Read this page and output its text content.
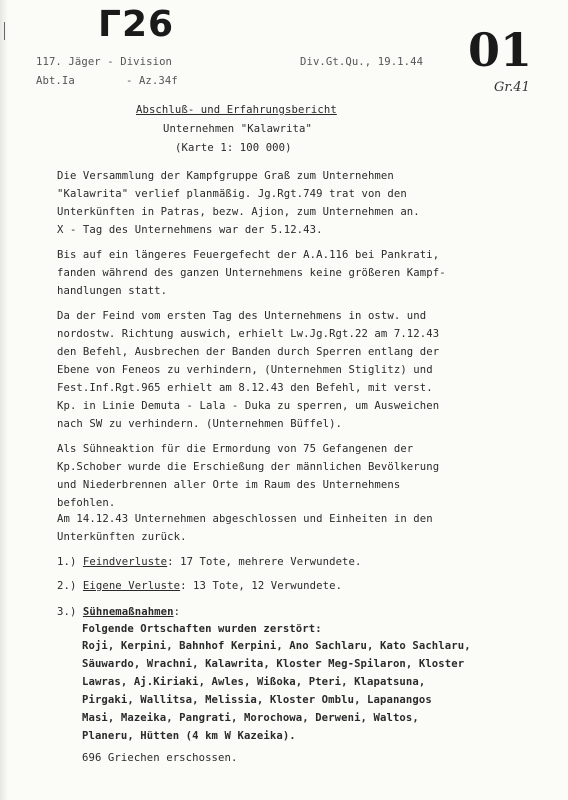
Г26	01
Gr.41
117. Jäger - Division
Abt.Ia	- Az.34f
Div.Gt.Qu., 19.1.44
Abschluß- und Erfahrungsbericht
Unternehmen "Kalawrita"
(Karte 1: 100 000)
Die Versammlung der Kampfgruppe Graß zum Unternehmen
"Kalawrita" verlief planmäßig. Jg.Rgt.749 trat von den
Unterkünften in Patras, bezw. Ajion, zum Unternehmen an.
X - Tag des Unternehmens war der 5.12.43.
Bis auf ein längeres Feuergefecht der A.A.116 bei Pankrati,
fanden während des ganzen Unternehmens keine größeren Kampf-
handlungen statt.
Da der Feind vom ersten Tag des Unternehmens in ostw. und
nordostw. Richtung auswich, erhielt Lw.Jg.Rgt.22 am 7.12.43
den Befehl, Ausbrechen der Banden durch Sperren entlang der
Ebene von Feneos zu verhindern, (Unternehmen Stiglitz) und
Fest.Inf.Rgt.965 erhielt am 8.12.43 den Befehl, mit verst.
Kp. in Linie Demuta - Lala - Duka zu sperren, um Ausweichen
nach SW zu verhindern. (Unternehmen Büffel).
Als Sühneaktion für die Ermordung von 75 Gefangenen der
Kp.Schober wurde die Erschießung der männlichen Bevölkerung
und Niederbrennen aller Orte im Raum des Unternehmens
befohlen.
Am 14.12.43 Unternehmen abgeschlossen und Einheiten in den
Unterkünften zurück.
1.) Feindverluste: 17 Tote, mehrere Verwundete.
2.) Eigene Verluste: 13 Tote, 12 Verwundete.
3.) Sühnemaßnahmen:
Folgende Ortschaften wurden zerstört:
Roji, Kerpini, Bahnhof Kerpini, Ano Sachlaru, Kato Sachlaru,
Säuwardo, Wrachni, Kalawrita, Kloster Meg-Spilaron, Kloster
Lawras, Aj.Kiriaki, Awles, Wißoka, Pteri, Klapatsuna,
Pirgaki, Wallitsa, Melissia, Kloster Omblu, Lapanangos
Masi, Mazeika, Pangrati, Morochowa, Derweni, Waltos,
Planeru, Hütten (4 km W Kazeika).
696 Griechen erschossen.
